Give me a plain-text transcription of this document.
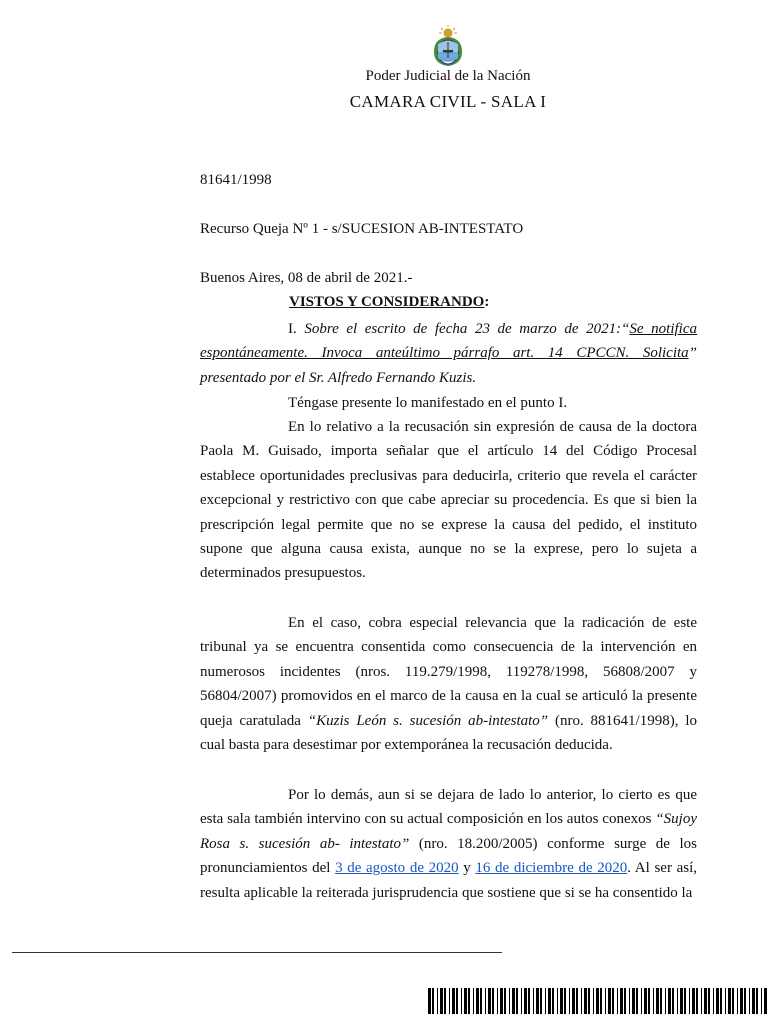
Poder Judicial de la Nación
CAMARA CIVIL - SALA I
81641/1998
Recurso Queja Nº 1 - s/SUCESION AB-INTESTATO
Buenos Aires, 08 de abril de 2021.-
VISTOS Y CONSIDERANDO:
I. Sobre el escrito de fecha 23 de marzo de 2021:“Se notifica espontáneamente. Invoca anteúltimo párrafo art. 14 CPCCN. Solicita” presentado por el Sr. Alfredo Fernando Kuzis.
Téngase presente lo manifestado en el punto I.
En lo relativo a la recusación sin expresión de causa de la doctora Paola M. Guisado, importa señalar que el artículo 14 del Código Procesal establece oportunidades preclusivas para deducirla, criterio que revela el carácter excepcional y restrictivo con que cabe apreciar su procedencia. Es que si bien la prescripción legal permite que no se exprese la causa del pedido, el instituto supone que alguna causa exista, aunque no se la exprese, pero lo sujeta a determinados presupuestos.
En el caso, cobra especial relevancia que la radicación de este tribunal ya se encuentra consentida como consecuencia de la intervención en numerosos incidentes (nros. 119.279/1998, 119278/1998, 56808/2007 y 56804/2007) promovidos en el marco de la causa en la cual se articuló la presente queja caratulada “Kuzis León s. sucesión ab-intestato” (nro. 881641/1998), lo cual basta para desestimar por extemporánea la recusación deducida.
Por lo demás, aun si se dejara de lado lo anterior, lo cierto es que esta sala también intervino con su actual composición en los autos conexos “Sujoy Rosa s. sucesión ab- intestato” (nro. 18.200/2005) conforme surge de los pronunciamientos del 3 de agosto de 2020 y 16 de diciembre de 2020. Al ser así, resulta aplicable la reiterada jurisprudencia que sostiene que si se ha consentido la
